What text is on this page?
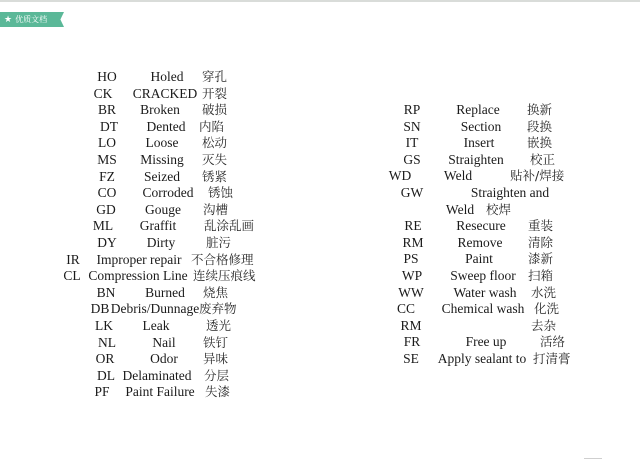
★ 优质文档
HO	Holed 穿孔
CK CRACKED 开裂
BR Broken 破损
DT Dented 内陷
LO Loose 松动
MS Missing 灭失
FZ Seized 锈紧
CO Corroded 锈蚀
GD Gouge 沟槽
ML Graffit 乱涂乱画
DY Dirty 脏污
IR Improper repair 不合格修理
CL Compression Line 连续压痕线
BN Burned 烧焦
DB Debris/Dunnage 废弃物
LK Leak	透光
NL	Nail 铁钉
OR	Odor 异味
DL Delaminated 分层
PF Paint Failure 失漆
RP	Replace 换新
SN	Section 段换
IT	Insert	嵌换
GS Straighten 校正
WD Weld	贴补/焊接
GW	Straighten and
Weld 校焊
RE	Resecure 重装
RM	Remove 清除
PS	Paint	漆新
WP Sweep floor 扫箱
WW Water wash 水洗
CC Chemical wash 化洗
RM	去杂
FR	Free up	活络
SE Apply sealant to 打清膏
